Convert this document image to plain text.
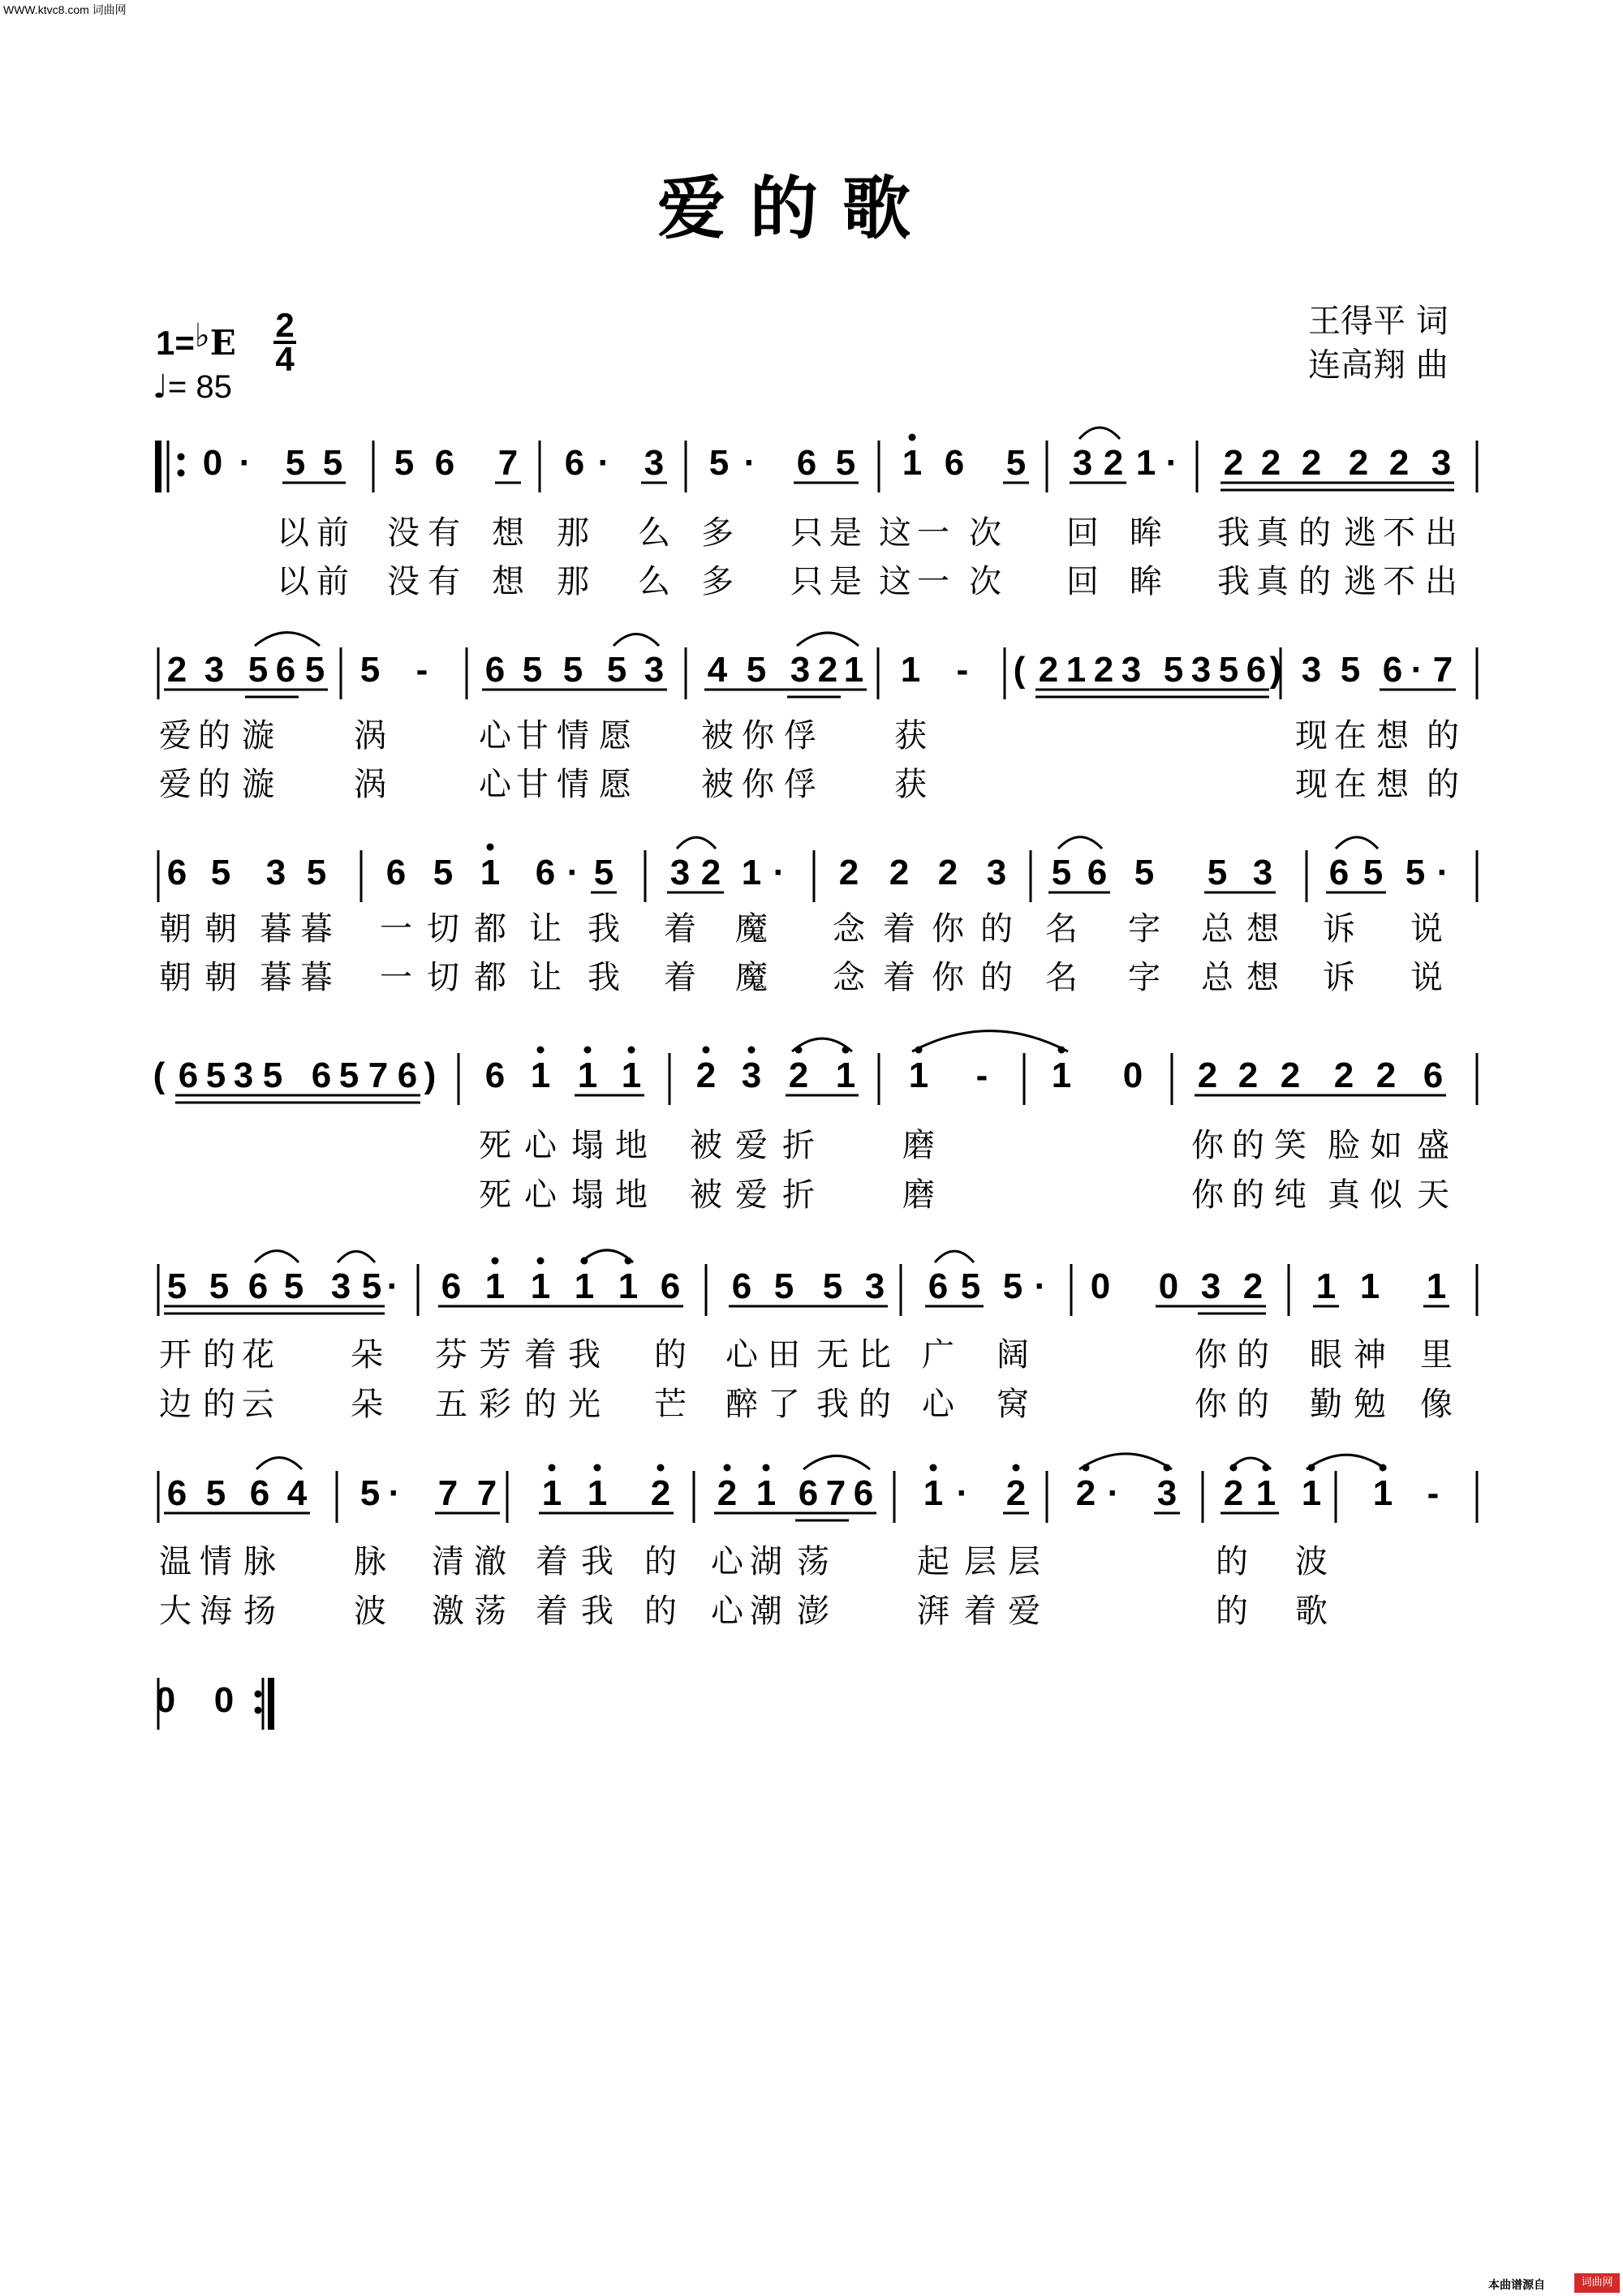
0 · 5 5 5 6 7 6 · 3 5 · 6 5 1 6 5 3 2 1 · 2 2 2 2 2 3
以 前 没 有 想 那 么 多 只 是 这 一 次 回 眸 我 真 的 逃 不 出
以 前 没 有 想 那 么 多 只 是 这 一 次 回 眸 我 真 的 逃 不 出
2 3 5 6 5 5 - 6 5 5 5 3 4 5 3 2 1 1 - ( 2 1 2 3 5 3 5 6 ) 3 5 6 · 7
爱 的 漩 涡	心 甘 情 愿 被 你 俘 获	现 在 想 的
爱 的 漩 涡	心 甘 情 愿 被 你 俘 获	现 在 想 的
6 5 3 5 6 5 1 6 · 5 3 2 1 · 2 2 2 3 5 6 5 5 3 6 5 5 ·
朝 朝 暮 暮 一 切 都 让 我 着 魔 念 着 你 的 名 字 总 想 诉 说
朝 朝 暮 暮 一 切 都 让 我 着 魔 念 着 你 的 名 字 总 想 诉 说
( 6 5 3 5 6 5 7 6 ) 6 1 1 1 2 3 2 1 1 - 1 0 2 2 2 2 2 6
死 心 塌 地 被 爱 折	磨	你 的 笑 脸 如 盛
死 心 塌 地 被 爱 折	磨	你 的 纯 真 似 天
5 5 6 5 3 5 · 6 1 1 1 1 6 6 5 5 3 6 5 5 · 0 0 3 2 1 1 1
开 的 花 朵 芬 芳 着 我 的 心 田 无 比 广 阔	你 的 眼 神 里
边 的 云 朵 五 彩 的 光 芒 醉 了 我 的 心 窝	你 的 勤 勉 像
6 5 6 4 5 · 7 7 1 1 2 2 1 6 7 6 1 · 2 2 · 3 2 1 1 1 -
温 情 脉 脉 清 澈 着 我 的 心 湖 荡	起 层 层	的 波
大 海 扬 波 激 荡 着 我 的 心 潮 澎	湃 着 爱	的 歌
0 0
WWW.ktvc8.com 词曲网
爱的歌
王得平 词
连高翔 曲
1=♭E 2
4
♩= 85
本曲谱源自	词曲网
